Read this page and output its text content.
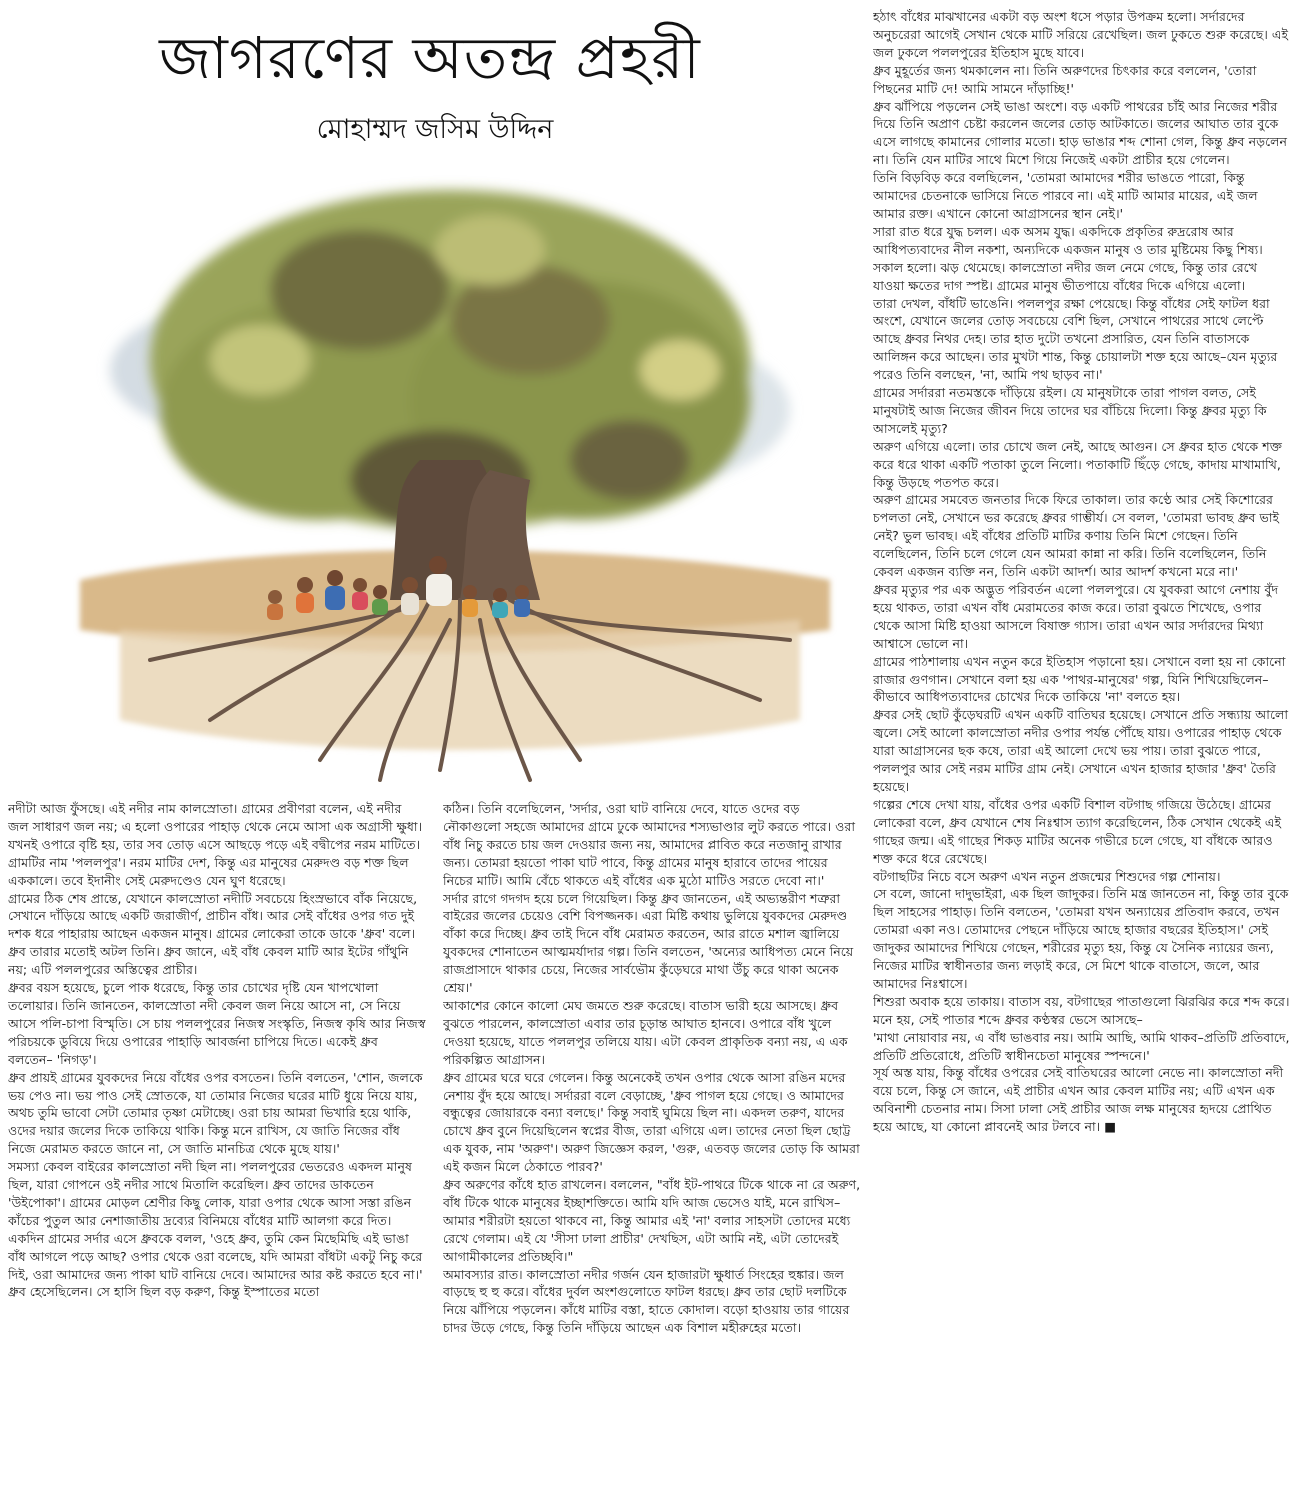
জাগরণের অতন্দ্র প্রহরী
মোহাম্মদ জসিম উদ্দিন

হঠাৎ বাঁধের মাঝখানের একটা বড় অংশ ধসে পড়ার উপক্রম হলো। সর্দারদের অনুচরেরা আগেই সেখান থেকে মাটি সরিয়ে রেখেছিল। জল ঢুকতে শুরু করেছে। এই জল ঢুকলে পললপুরের ইতিহাস মুছে যাবে।

ধ্রুব মুহূর্তের জন্য থমকালেন না। তিনি অরুণদের চিৎকার করে বললেন, 'তোরা পিছনের মাটি দে! আমি সামনে দাঁড়াচ্ছি!'

ধ্রুব ঝাঁপিয়ে পড়লেন সেই ভাঙা অংশে। বড় একটি পাথরের চাঁই আর নিজের শরীর দিয়ে তিনি অপ্রাণ চেষ্টা করলেন জলের তোড় আটকাতে। জলের আঘাত তার বুকে এসে লাগছে কামানের গোলার মতো। হাড় ভাঙার শব্দ শোনা গেল, কিন্তু ধ্রুব নড়লেন না। তিনি যেন মাটির সাথে মিশে গিয়ে নিজেই একটা প্রাচীর হয়ে গেলেন।

তিনি বিড়বিড় করে বলছিলেন, 'তোমরা আমাদের শরীর ভাঙতে পারো, কিন্তু আমাদের চেতনাকে ভাসিয়ে নিতে পারবে না। এই মাটি আমার মায়ের, এই জল আমার রক্ত। এখানে কোনো আগ্রাসনের স্থান নেই।'

সারা রাত ধরে যুদ্ধ চলল। এক অসম যুদ্ধ। একদিকে প্রকৃতির রুদ্ররোষ আর আধিপত্যবাদের নীল নকশা, অন্যদিকে একজন মানুষ ও তার মুষ্টিমেয় কিছু শিষ্য।

সকাল হলো। ঝড় থেমেছে। কালস্রোতা নদীর জল নেমে গেছে, কিন্তু তার রেখে যাওয়া ক্ষতের দাগ স্পষ্ট। গ্রামের মানুষ ভীতপায়ে বাঁধের দিকে এগিয়ে এলো।

তারা দেখল, বাঁধটি ভাঙেনি। পললপুর রক্ষা পেয়েছে। কিন্তু বাঁধের সেই ফাটল ধরা অংশে, যেখানে জলের তোড় সবচেয়ে বেশি ছিল, সেখানে পাথরের সাথে লেপ্টে আছে ধ্রুবর নিথর দেহ। তার হাত দুটো তখনো প্রসারিত, যেন তিনি বাতাসকে আলিঙ্গন করে আছেন। তার মুখটা শান্ত, কিন্তু চোয়ালটা শক্ত হয়ে আছে–যেন মৃত্যুর পরেও তিনি বলছেন, 'না, আমি পথ ছাড়ব না।'

গ্রামের সর্দাররা নতমস্তকে দাঁড়িয়ে রইল। যে মানুষটাকে তারা পাগল বলত, সেই মানুষটাই আজ নিজের জীবন দিয়ে তাদের ঘর বাঁচিয়ে দিলো। কিন্তু ধ্রুবর মৃত্যু কি আসলেই মৃত্যু?

অরুণ এগিয়ে এলো। তার চোখে জল নেই, আছে আগুন। সে ধ্রুবর হাত থেকে শক্ত করে ধরে থাকা একটি পতাকা তুলে নিলো। পতাকাটি ছিঁড়ে গেছে, কাদায় মাখামাখি, কিন্তু উড়ছে পতপত করে।

অরুণ গ্রামের সমবেত জনতার দিকে ফিরে তাকাল। তার কণ্ঠে আর সেই কিশোরের চপলতা নেই, সেখানে ভর করেছে ধ্রুবর গাম্ভীর্য। সে বলল, 'তোমরা ভাবছ ধ্রুব ভাই নেই? ভুল ভাবছ। এই বাঁধের প্রতিটি মাটির কণায় তিনি মিশে গেছেন। তিনি বলেছিলেন, তিনি চলে গেলে যেন আমরা কান্না না করি। তিনি বলেছিলেন, তিনি কেবল একজন ব্যক্তি নন, তিনি একটা আদর্শ। আর আদর্শ কখনো মরে না।'

ধ্রুবর মৃত্যুর পর এক অদ্ভুত পরিবর্তন এলো পললপুরে। যে যুবকরা আগে নেশায় বুঁদ হয়ে থাকত, তারা এখন বাঁধ মেরামতের কাজ করে। তারা বুঝতে শিখেছে, ওপার থেকে আসা মিষ্টি হাওয়া আসলে বিষাক্ত গ্যাস। তারা এখন আর সর্দারদের মিথ্যা আশ্বাসে ভোলে না।

গ্রামের পাঠশালায় এখন নতুন করে ইতিহাস পড়ানো হয়। সেখানে বলা হয় না কোনো রাজার গুণগান। সেখানে বলা হয় এক 'পাথর-মানুষের' গল্প, যিনি শিখিয়েছিলেন–কীভাবে আধিপত্যবাদের চোখের দিকে তাকিয়ে 'না' বলতে হয়।

ধ্রুবর সেই ছোট কুঁড়েঘরটি এখন একটি বাতিঘর হয়েছে। সেখানে প্রতি সন্ধ্যায় আলো জ্বলে। সেই আলো কালস্রোতা নদীর ওপার পর্যন্ত পৌঁছে যায়। ওপারের পাহাড় থেকে যারা আগ্রাসনের ছক কষে, তারা এই আলো দেখে ভয় পায়। তারা বুঝতে পারে, পললপুর আর সেই নরম মাটির গ্রাম নেই। সেখানে এখন হাজার হাজার 'ধ্রুব' তৈরি হয়েছে।

গল্পের শেষে দেখা যায়, বাঁধের ওপর একটি বিশাল বটগাছ গজিয়ে উঠেছে। গ্রামের লোকেরা বলে, ধ্রুব যেখানে শেষ নিঃশ্বাস ত্যাগ করেছিলেন, ঠিক সেখান থেকেই এই গাছের জন্ম। এই গাছের শিকড় মাটির অনেক গভীরে চলে গেছে, যা বাঁধকে আরও শক্ত করে ধরে রেখেছে।

বটগাছটির নিচে বসে অরুণ এখন নতুন প্রজন্মের শিশুদের গল্প শোনায়।

সে বলে, জানো দাদুভাইরা, এক ছিল জাদুকর। তিনি মন্ত্র জানতেন না, কিন্তু তার বুকে ছিল সাহসের পাহাড়। তিনি বলতেন, 'তোমরা যখন অন্যায়ের প্রতিবাদ করবে, তখন তোমরা একা নও। তোমাদের পেছনে দাঁড়িয়ে আছে হাজার বছরের ইতিহাস।' সেই জাদুকর আমাদের শিখিয়ে গেছেন, শরীরের মৃত্যু হয়, কিন্তু যে সৈনিক ন্যায়ের জন্য, নিজের মাটির স্বাধীনতার জন্য লড়াই করে, সে মিশে থাকে বাতাসে, জলে, আর আমাদের নিঃশ্বাসে।

শিশুরা অবাক হয়ে তাকায়। বাতাস বয়, বটগাছের পাতাগুলো ঝিরঝির করে শব্দ করে। মনে হয়, সেই পাতার শব্দে ধ্রুবর কণ্ঠস্বর ভেসে আসছে–

'মাথা নোয়াবার নয়, এ বাঁধ ভাঙবার নয়। আমি আছি, আমি থাকব–প্রতিটি প্রতিবাদে, প্রতিটি প্রতিরোধে, প্রতিটি স্বাধীনচেতা মানুষের স্পন্দনে।'

সূর্য অস্ত যায়, কিন্তু বাঁধের ওপরের সেই বাতিঘরের আলো নেভে না। কালস্রোতা নদী বয়ে চলে, কিন্তু সে জানে, এই প্রাচীর এখন আর কেবল মাটির নয়; এটি এখন এক অবিনাশী চেতনার নাম। সিসা ঢালা সেই প্রাচীর আজ লক্ষ মানুষের হৃদয়ে প্রোথিত হয়ে আছে, যা কোনো প্লাবনেই আর টলবে না। ■

নদীটা আজ ফুঁসছে। এই নদীর নাম কালস্রোতা। গ্রামের প্রবীণরা বলেন, এই নদীর জল সাধারণ জল নয়; এ হলো ওপারের পাহাড় থেকে নেমে আসা এক অগ্রাসী ক্ষুধা। যখনই ওপারে বৃষ্টি হয়, তার সব তোড় এসে আছড়ে পড়ে এই বদ্বীপের নরম মাটিতে। গ্রামটির নাম 'পললপুর'। নরম মাটির দেশ, কিন্তু এর মানুষের মেরুদণ্ড বড় শক্ত ছিল এককালে। তবে ইদানীং সেই মেরুদণ্ডেও যেন ঘুণ ধরেছে।

গ্রামের ঠিক শেষ প্রান্তে, যেখানে কালস্রোতা নদীটি সবচেয়ে হিংস্রভাবে বাঁক নিয়েছে, সেখানে দাঁড়িয়ে আছে একটি জরাজীর্ণ, প্রাচীন বাঁধ। আর সেই বাঁধের ওপর গত দুই দশক ধরে পাহারায় আছেন একজন মানুষ। গ্রামের লোকেরা তাকে ডাকে 'ধ্রুব' বলে। ধ্রুব তারার মতোই অটল তিনি। ধ্রুব জানে, এই বাঁধ কেবল মাটি আর ইটের গাঁথুনি নয়; এটি পললপুরের অস্তিত্বের প্রাচীর।

ধ্রুবর বয়স হয়েছে, চুলে পাক ধরেছে, কিন্তু তার চোখের দৃষ্টি যেন খাপখোলা তলোয়ার। তিনি জানতেন, কালস্রোতা নদী কেবল জল নিয়ে আসে না, সে নিয়ে আসে পলি-চাপা বিস্মৃতি। সে চায় পললপুরের নিজস্ব সংস্কৃতি, নিজস্ব কৃষি আর নিজস্ব পরিচয়কে ডুবিয়ে দিয়ে ওপারের পাহাড়ি আবর্জনা চাপিয়ে দিতে। একেই ধ্রুব বলতেন– 'নিগড়'।

ধ্রুব প্রায়ই গ্রামের যুবকদের নিয়ে বাঁধের ওপর বসতেন। তিনি বলতেন, 'শোন, জলকে ভয় পেও না। ভয় পাও সেই স্রোতকে, যা তোমার নিজের ঘরের মাটি ধুয়ে নিয়ে যায়, অথচ তুমি ভাবো সেটা তোমার তৃষ্ণা মেটাচ্ছে। ওরা চায় আমরা ভিখারি হয়ে থাকি, ওদের দয়ার জলের দিকে তাকিয়ে থাকি। কিন্তু মনে রাখিস, যে জাতি নিজের বাঁধ নিজে মেরামত করতে জানে না, সে জাতি মানচিত্র থেকে মুছে যায়।'

সমস্যা কেবল বাইরের কালস্রোতা নদী ছিল না। পললপুরের ভেতরেও একদল মানুষ ছিল, যারা গোপনে ওই নদীর সাথে মিতালি করেছিল। ধ্রুব তাদের ডাকতেন 'উইপোকা'। গ্রামের মোড়ল শ্রেণীর কিছু লোক, যারা ওপার থেকে আসা সস্তা রঙিন কাঁচের পুতুল আর নেশাজাতীয় দ্রব্যের বিনিময়ে বাঁধের মাটি আলগা করে দিত।

একদিন গ্রামের সর্দার এসে ধ্রুবকে বলল, 'ওহে ধ্রুব, তুমি কেন মিছেমিছি এই ভাঙা বাঁধ আগলে পড়ে আছ? ওপার থেকে ওরা বলেছে, যদি আমরা বাঁধটা একটু নিচু করে দিই, ওরা আমাদের জন্য পাকা ঘাট বানিয়ে দেবে। আমাদের আর কষ্ট করতে হবে না।'

ধ্রুব হেসেছিলেন। সে হাসি ছিল বড় করুণ, কিন্তু ইস্পাতের মতো

কঠিন। তিনি বলেছিলেন, 'সর্দার, ওরা ঘাট বানিয়ে দেবে, যাতে ওদের বড় নৌকাগুলো সহজে আমাদের গ্রামে ঢুকে আমাদের শস্যভাণ্ডার লুট করতে পারে। ওরা বাঁধ নিচু করতে চায় জল দেওয়ার জন্য নয়, আমাদের প্লাবিত করে নতজানু রাখার জন্য। তোমরা হয়তো পাকা ঘাট পাবে, কিন্তু গ্রামের মানুষ হারাবে তাদের পায়ের নিচের মাটি। আমি বেঁচে থাকতে এই বাঁধের এক মুঠো মাটিও সরতে দেবো না।'

সর্দার রাগে গদগদ হয়ে চলে গিয়েছিল। কিন্তু ধ্রুব জানতেন, এই অভ্যন্তরীণ শত্রুরা বাইরের জলের চেয়েও বেশি বিপজ্জনক। এরা মিষ্টি কথায় ভুলিয়ে যুবকদের মেরুদণ্ড বাঁকা করে দিচ্ছে। ধ্রুব তাই দিনে বাঁধ মেরামত করতেন, আর রাতে মশাল জ্বালিয়ে যুবকদের শোনাতেন আত্মমর্যাদার গল্প। তিনি বলতেন, 'অন্যের আধিপত্য মেনে নিয়ে রাজপ্রাসাদে থাকার চেয়ে, নিজের সার্বভৌম কুঁড়েঘরে মাথা উঁচু করে থাকা অনেক শ্রেয়।'

আকাশের কোনে কালো মেঘ জমতে শুরু করেছে। বাতাস ভারী হয়ে আসছে। ধ্রুব বুঝতে পারলেন, কালস্রোতা এবার তার চূড়ান্ত আঘাত হানবে। ওপারে বাঁধ খুলে দেওয়া হয়েছে, যাতে পললপুর তলিয়ে যায়। এটা কেবল প্রাকৃতিক বন্যা নয়, এ এক পরিকল্পিত আগ্রাসন।

ধ্রুব গ্রামের ঘরে ঘরে গেলেন। কিন্তু অনেকেই তখন ওপার থেকে আসা রঙিন মদের নেশায় বুঁদ হয়ে আছে। সর্দাররা বলে বেড়াচ্ছে, 'ধ্রুব পাগল হয়ে গেছে। ও আমাদের বন্ধুত্বের জোয়ারকে বন্যা বলছে।' কিন্তু সবাই ঘুমিয়ে ছিল না। একদল তরুণ, যাদের চোখে ধ্রুব বুনে দিয়েছিলেন স্বপ্নের বীজ, তারা এগিয়ে এল। তাদের নেতা ছিল ছোট্ট এক যুবক, নাম 'অরুণ'। অরুণ জিজ্ঞেস করল, 'গুরু, এতবড় জলের তোড় কি আমরা এই কজন মিলে ঠেকাতে পারব?'

ধ্রুব অরুণের কাঁধে হাত রাখলেন। বললেন, "বাঁধ ইট-পাথরে টিকে থাকে না রে অরুণ, বাঁধ টিকে থাকে মানুষের ইচ্ছাশক্তিতে। আমি যদি আজ ভেসেও যাই, মনে রাখিস–আমার শরীরটা হয়তো থাকবে না, কিন্তু আমার এই 'না' বলার সাহসটা তোদের মধ্যে রেখে গেলাম। এই যে 'সীসা ঢালা প্রাচীর' দেখছিস, এটা আমি নই, এটা তোদেরই আগামীকালের প্রতিচ্ছবি।"

অমাবস্যার রাত। কালস্রোতা নদীর গর্জন যেন হাজারটা ক্ষুধার্ত সিংহের হুঙ্কার। জল বাড়ছে হু হু করে। বাঁধের দুর্বল অংশগুলোতে ফাটল ধরছে। ধ্রুব তার ছোট দলটিকে নিয়ে ঝাঁপিয়ে পড়লেন। কাঁধে মাটির বস্তা, হাতে কোদাল। বড়ো হাওয়ায় তার গায়ের চাদর উড়ে গেছে, কিন্তু তিনি দাঁড়িয়ে আছেন এক বিশাল মহীরুহের মতো।
